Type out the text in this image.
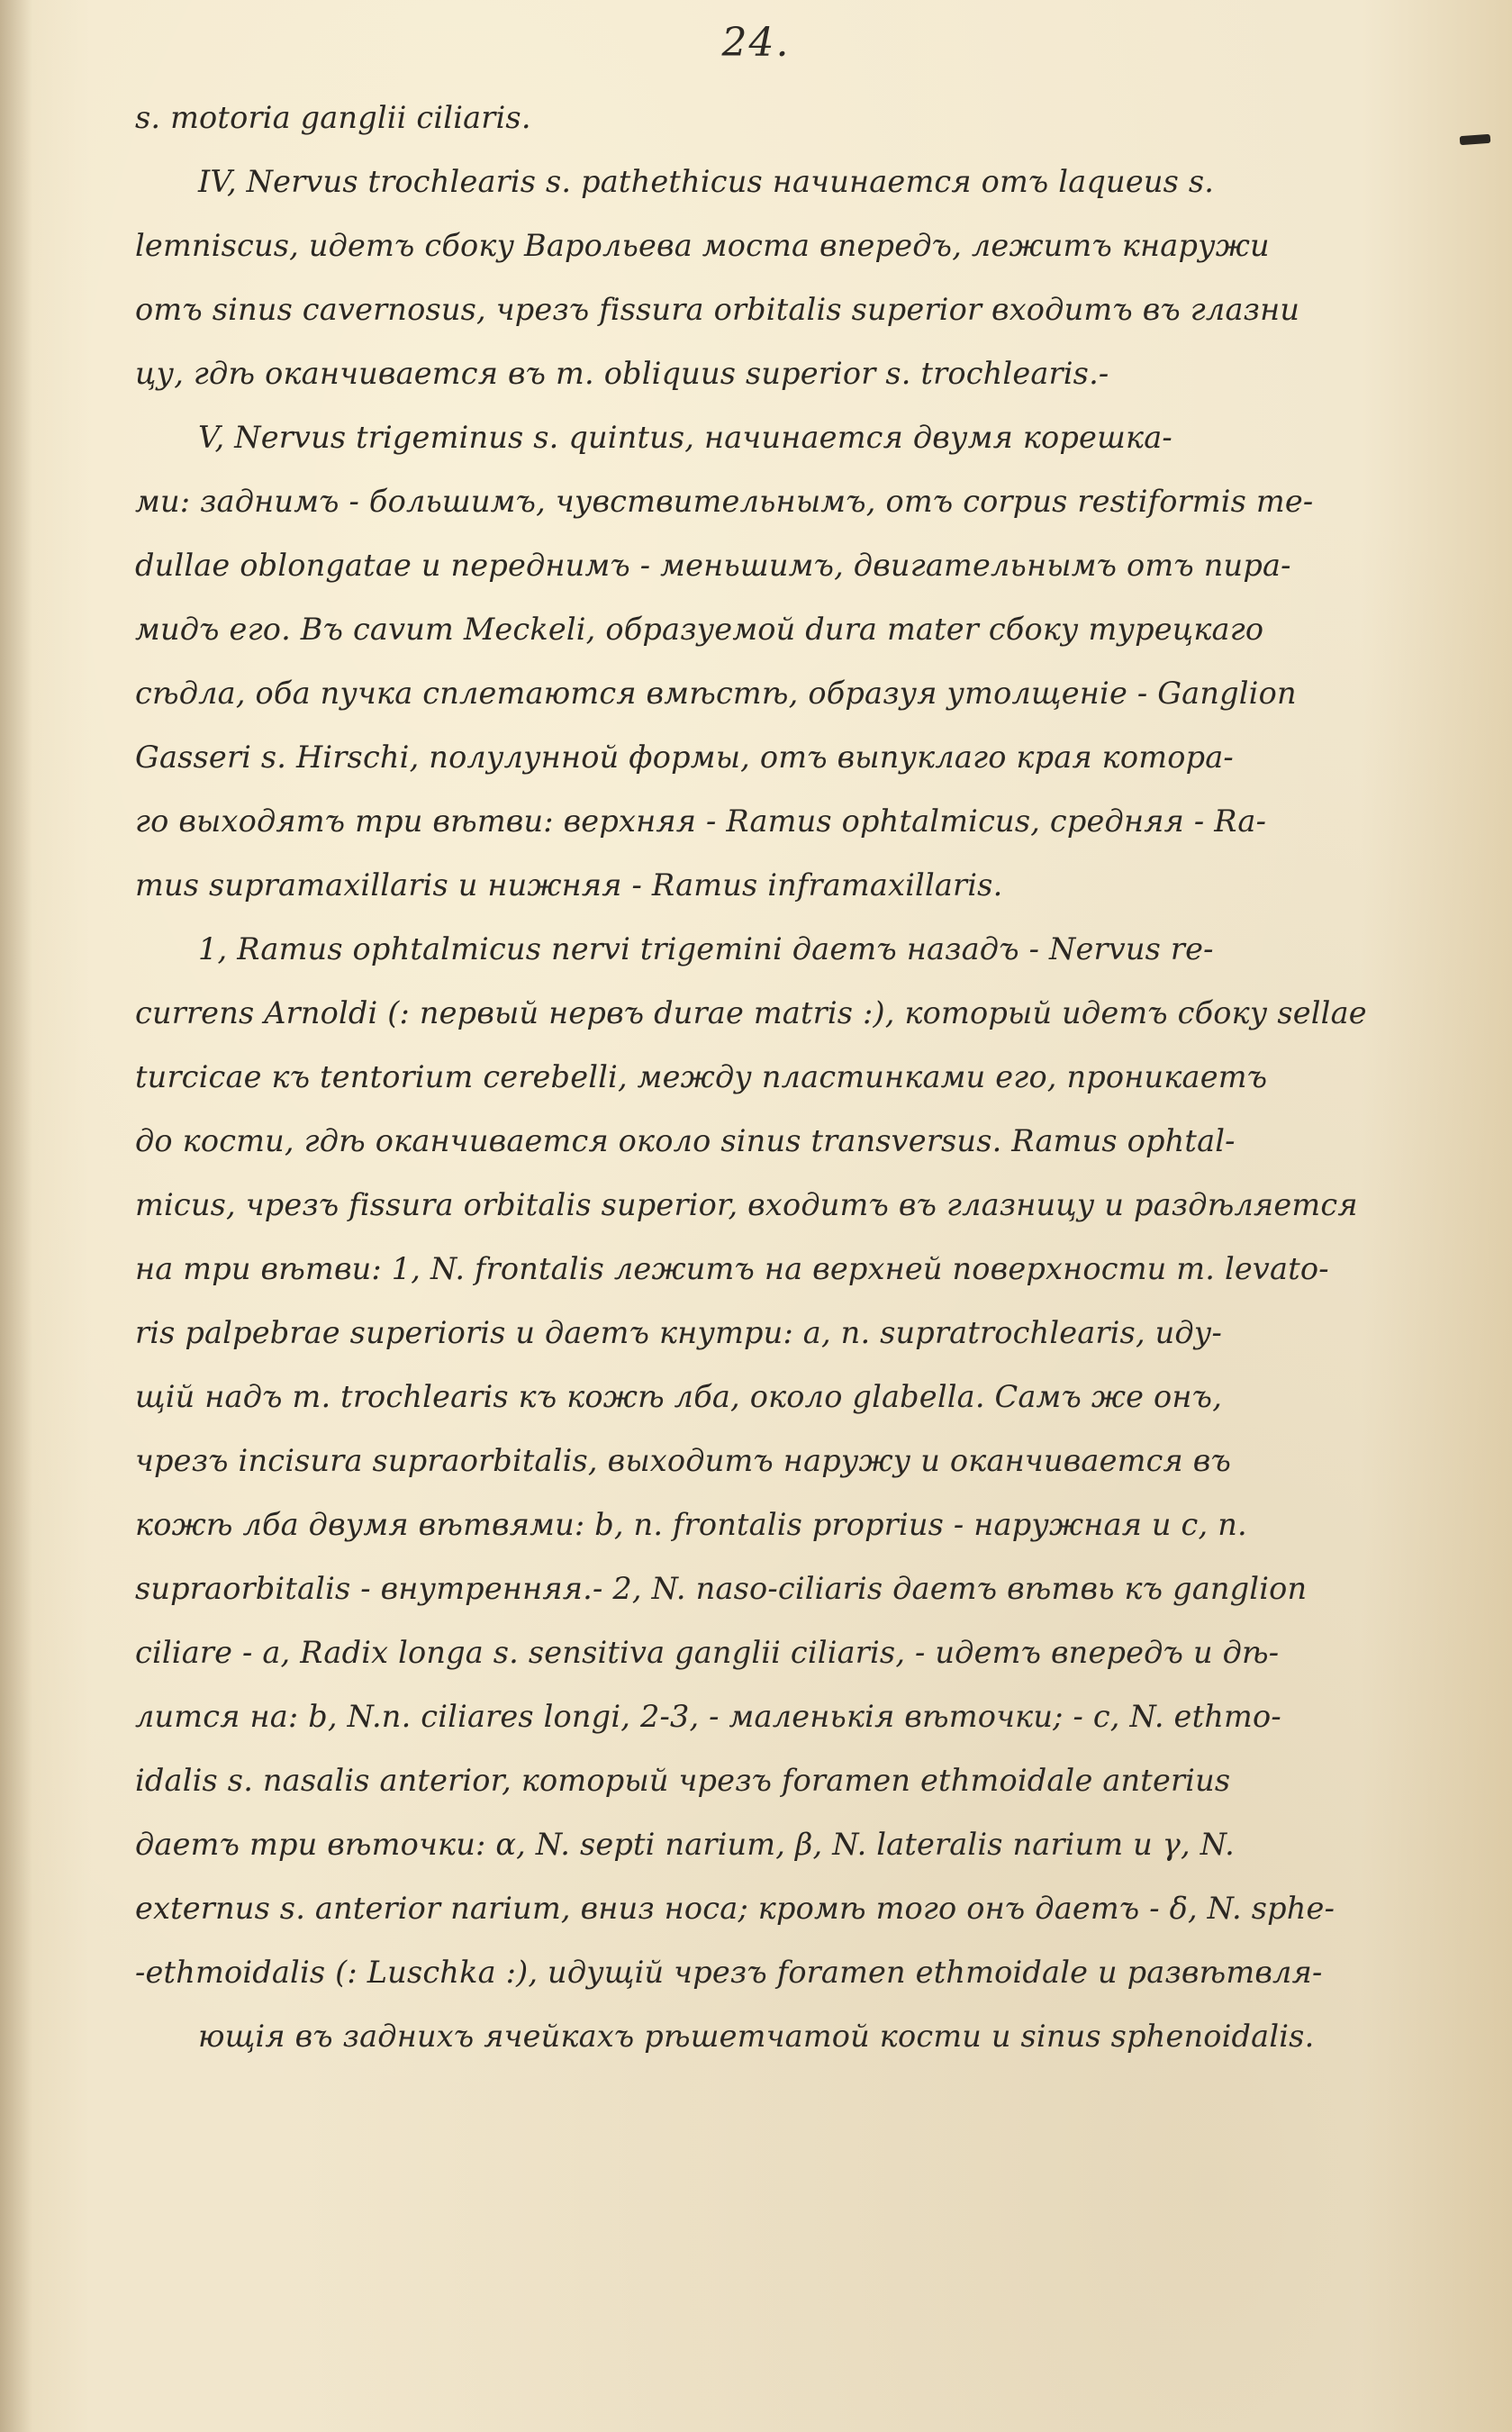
24.
s. motoria ganglii ciliaris.
IV, Nervus trochlearis s. pathethicus начинается отъ laqueus s.
lemniscus, идетъ сбоку Варольева моста впередъ, лежитъ кнаружи
отъ sinus cavernosus, чрезъ fissura orbitalis superior входитъ въ глазни
цу, гдѣ оканчивается въ m. obliquus superior s. trochlearis.-
V, Nervus trigeminus s. quintus, начинается двумя корешка-
ми: заднимъ - большимъ, чувствительнымъ, отъ corpus restiformis me-
dullae oblongatae и переднимъ - меньшимъ, двигательнымъ отъ пира-
мидъ его. Въ cavum Meckeli, образуемой dura mater сбоку турецкаго
сѣдла, оба пучка сплетаются вмѣстѣ, образуя утолщеніе - Ganglion
Gasseri s. Hirschi, полулунной формы, отъ выпуклаго края котора-
го выходятъ три вѣтви: верхняя - Ramus ophtalmicus, средняя - Ra-
mus supramaxillaris и нижняя - Ramus inframaxillaris.
1, Ramus ophtalmicus nervi trigemini даетъ назадъ - Nervus re-
currens Arnoldi (: первый нервъ durae matris :), который идетъ сбоку sellae
turcicae къ tentorium cerebelli, между пластинками его, проникаетъ
до кости, гдѣ оканчивается около sinus transversus. Ramus ophtal-
micus, чрезъ fissura orbitalis superior, входитъ въ глазницу и раздѣляется
на три вѣтви: 1, N. frontalis лежитъ на верхней поверхности m. levato-
ris palpebrae superioris и даетъ кнутри: a, n. supratrochlearis, иду-
щій надъ m. trochlearis къ кожѣ лба, около glabella. Самъ же онъ,
чрезъ incisura supraorbitalis, выходитъ наружу и оканчивается въ
кожѣ лба двумя вѣтвями: b, n. frontalis proprius - наружная и c, n.
supraorbitalis - внутренняя.- 2, N. naso-ciliaris даетъ вѣтвь къ ganglion
ciliare - a, Radix longa s. sensitiva ganglii ciliaris, - идетъ впередъ и дѣ-
лится на: b, N.n. ciliares longi, 2-3, - маленькія вѣточки; - c, N. ethmo-
idalis s. nasalis anterior, который чрезъ foramen ethmoidale anterius
даетъ три вѣточки: α, N. septi narium, β, N. lateralis narium и γ, N.
externus s. anterior narium, вниз носа; кромѣ того онъ даетъ - δ, N. sphe-
-ethmoidalis (: Luschka :), идущій чрезъ foramen ethmoidale и развѣтвля-
ющія въ заднихъ ячейкахъ рѣшетчатой кости и sinus sphenoidalis.
